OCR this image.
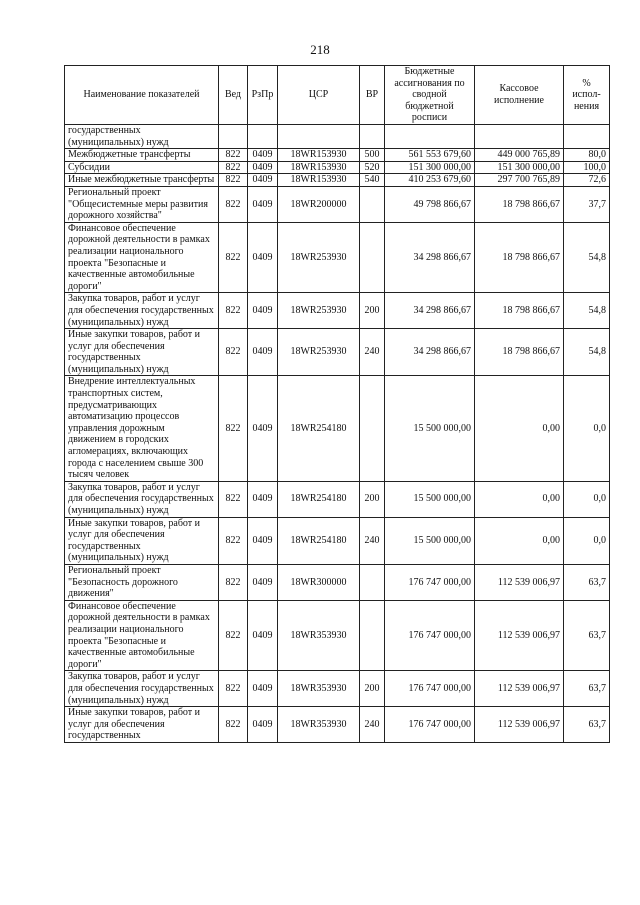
218
Наименование показателей	Вед	РзПр	ЦСР	ВР	Бюджетные ассигнования по сводной бюджетной росписи	Кассовое исполнение	% испол-нения
государственных (муниципальных) нужд							
Межбюджетные трансферты	822	0409	18WR153930	500	561 553 679,60	449 000 765,89	80,0
Субсидии	822	0409	18WR153930	520	151 300 000,00	151 300 000,00	100,0
Иные межбюджетные трансферты	822	0409	18WR153930	540	410 253 679,60	297 700 765,89	72,6
Региональный проект "Общесистемные меры развития дорожного хозяйства"	822	0409	18WR200000		49 798 866,67	18 798 866,67	37,7
Финансовое обеспечение дорожной деятельности в рамках реализации национального проекта "Безопасные и качественные автомобильные дороги"	822	0409	18WR253930		34 298 866,67	18 798 866,67	54,8
Закупка товаров, работ и услуг для обеспечения государственных (муниципальных) нужд	822	0409	18WR253930	200	34 298 866,67	18 798 866,67	54,8
Иные закупки товаров, работ и услуг для обеспечения государственных (муниципальных) нужд	822	0409	18WR253930	240	34 298 866,67	18 798 866,67	54,8
Внедрение интеллектуальных транспортных систем, предусматривающих автоматизацию процессов управления дорожным движением в городских агломерациях, включающих города с населением свыше 300 тысяч человек	822	0409	18WR254180		15 500 000,00	0,00	0,0
Закупка товаров, работ и услуг для обеспечения государственных (муниципальных) нужд	822	0409	18WR254180	200	15 500 000,00	0,00	0,0
Иные закупки товаров, работ и услуг для обеспечения государственных (муниципальных) нужд	822	0409	18WR254180	240	15 500 000,00	0,00	0,0
Региональный проект "Безопасность дорожного движения"	822	0409	18WR300000		176 747 000,00	112 539 006,97	63,7
Финансовое обеспечение дорожной деятельности в рамках реализации национального проекта "Безопасные и качественные автомобильные дороги"	822	0409	18WR353930		176 747 000,00	112 539 006,97	63,7
Закупка товаров, работ и услуг для обеспечения государственных (муниципальных) нужд	822	0409	18WR353930	200	176 747 000,00	112 539 006,97	63,7
Иные закупки товаров, работ и услуг для обеспечения государственных	822	0409	18WR353930	240	176 747 000,00	112 539 006,97	63,7
